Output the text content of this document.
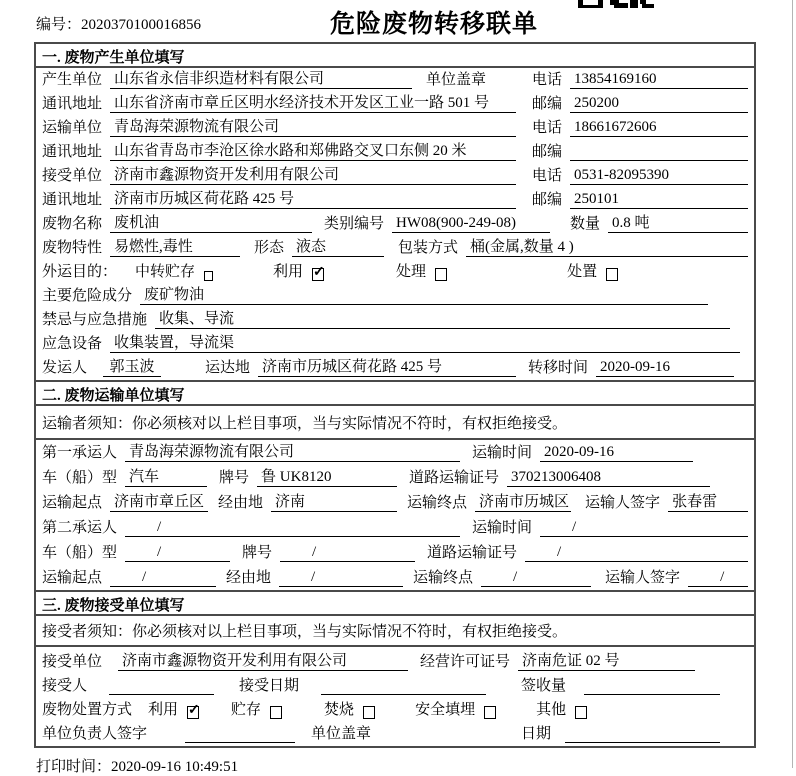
编号：2020370100016856	危险废物转移联单
一. 废物产生单位填写
产生单位 山东省永信非织造材料有限公司	单位盖章	电话 13854169160
通讯地址 山东省济南市章丘区明水经济技术开发区工业一路 501 号	邮编 250200
运输单位 青岛海荣源物流有限公司	电话 18661672606
通讯地址 山东省青岛市李沧区徐水路和郑佛路交叉口东侧 20 米	邮编
接受单位 济南市鑫源物资开发利用有限公司	电话 0531-82095390
通讯地址 济南市历城区荷花路 425 号	邮编 250101
废物名称 废机油	类别编号 HW08(900-249-08)	数量 0.8 吨
废物特性 易燃性,毒性	形态 液态	包装方式 桶(金属,数量 4 )
外运目的： 中转贮存	利用 ✓	处理	处置
主要危险成分 废矿物油
禁忌与应急措施 收集、导流
应急设备 收集装置，导流渠
发运人	郭玉波	运达地 济南市历城区荷花路 425 号	转移时间 2020-09-16
二. 废物运输单位填写
运输者须知：你必须核对以上栏目事项，当与实际情况不符时，有权拒绝接受。
第一承运人 青岛海荣源物流有限公司	运输时间 2020-09-16
车（船）型 汽车	牌号 鲁 UK8120	道路运输证号 370213006408
运输起点 济南市章丘区 经由地 济南	运输终点 济南市历城区 运输人签字 张春雷
第二承运人	/	运输时间	/
车（船）型	/	牌号	/	道路运输证号	/
运输起点	/	经由地	/	运输终点	/	运输人签字	/
三. 废物接受单位填写
接受者须知：你必须核对以上栏目事项，当与实际情况不符时，有权拒绝接受。
接受单位 济南市鑫源物资开发利用有限公司	经营许可证号 济南危证 02 号
接受人	接受日期	签收量
废物处置方式 利用 ✓	贮存	焚烧	安全填埋	其他
单位负责人签字	单位盖章	日期
打印时间：2020-09-16 10:49:51
